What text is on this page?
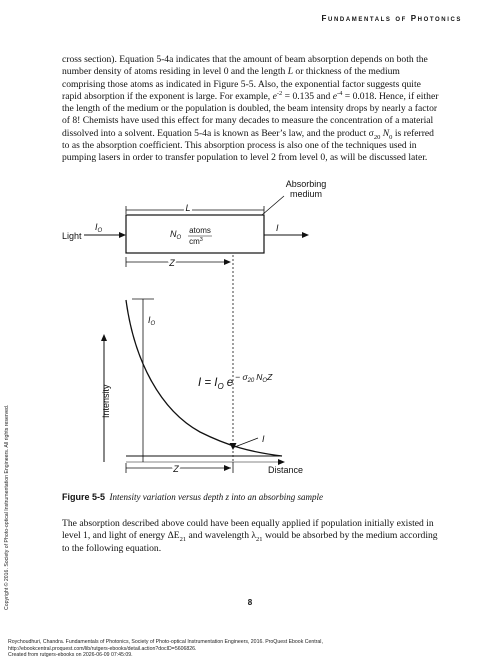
Fundamentals of Photonics
cross section). Equation 5-4a indicates that the amount of beam absorption depends on both the number density of atoms residing in level 0 and the length L or thickness of the medium comprising those atoms as indicated in Figure 5-5. Also, the exponential factor suggests quite rapid absorption if the exponent is large. For example, $e^{-2} = 0.135$ and $e^{-4} = 0.018$. Hence, if either the length of the medium or the population is doubled, the beam intensity drops by nearly a factor of 8! Chemists have used this effect for many decades to measure the concentration of a material dissolved into a solvent. Equation 5-4a is known as Beer’s law, and the product $\sigma_{20}$ $N_0$ is referred to as the absorption coefficient. This absorption process is also one of the techniques used in pumping lasers in order to transfer population to level 2 from level 0, as will be discussed later.
Absorbing
medium
L
Light
$I_O$	$N_O$
atoms
$cm^3$
I
Z
Intensity
$I_O$
$I = I_O$ e $^{- \sigma}$20 NOZ
I
Z	Distance
Figure 5-5 Intensity variation versus depth z into an absorbing sample
The absorption described above could have been equally applied if population initially existed in level 1, and light of energy $\Delta E_{21}$ and wavelength $\lambda_{21}$ would be absorbed by the medium according to the following equation.
8
Copyright © 2016. Society of Photo-optical Instrumentation Engineers. All rights reserved.
Roychoudhuri, Chandra. Fundamentals of Photonics, Society of Photo-optical Instrumentation Engineers, 2016. ProQuest Ebook Central,
http://ebookcentral.proquest.com/lib/rutgers-ebooks/detail.action?docID=5606826.
Created from rutgers-ebooks on 2026-06-09 07:45:09.
